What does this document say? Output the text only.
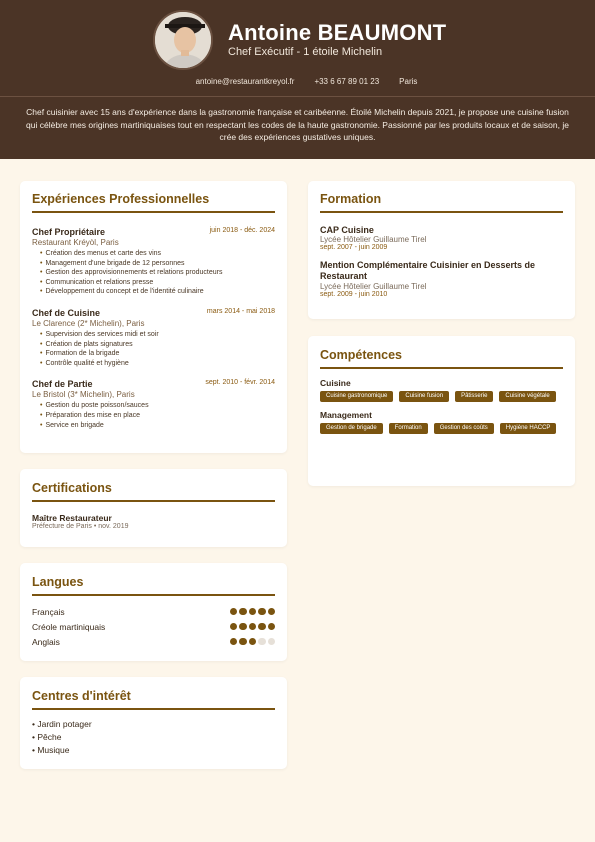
Antoine BEAUMONT
Chef Exécutif - 1 étoile Michelin
antoine@restaurantkreyol.fr	+33 6 67 89 01 23	Paris
Chef cuisinier avec 15 ans d'expérience dans la gastronomie française et caribéenne. Étoilé Michelin depuis 2021, je propose une cuisine fusion qui célèbre mes origines martiniquaises tout en respectant les codes de la haute gastronomie. Passionné par les produits locaux et de saison, je crée des expériences gustatives uniques.
Expériences Professionnelles
Chef Propriétaire	juin 2018 - déc. 2024
Restaurant Kréyòl, Paris
• Création des menus et carte des vins
• Management d'une brigade de 12 personnes
• Gestion des approvisionnements et relations producteurs
• Communication et relations presse
• Développement du concept et de l'identité culinaire
Chef de Cuisine	mars 2014 - mai 2018
Le Clarence (2* Michelin), Paris
• Supervision des services midi et soir
• Création de plats signatures
• Formation de la brigade
• Contrôle qualité et hygiène
Chef de Partie	sept. 2010 - févr. 2014
Le Bristol (3* Michelin), Paris
• Gestion du poste poisson/sauces
• Préparation des mise en place
• Service en brigade
Certifications
Maître Restaurateur
Préfecture de Paris • nov. 2019
Langues
Français
Créole martiniquais
Anglais
Centres d'intérêt
• Jardin potager
• Pêche
• Musique
Formation
CAP Cuisine
Lycée Hôtelier Guillaume Tirel
sept. 2007 - juin 2009
Mention Complémentaire Cuisinier en Desserts de Restaurant
Lycée Hôtelier Guillaume Tirel
sept. 2009 - juin 2010
Compétences
Cuisine
Cuisine gastronomique	Cuisine fusion	Pâtisserie	Cuisine végétale
Management
Gestion de brigade	Formation	Gestion des coûts	Hygiène HACCP
